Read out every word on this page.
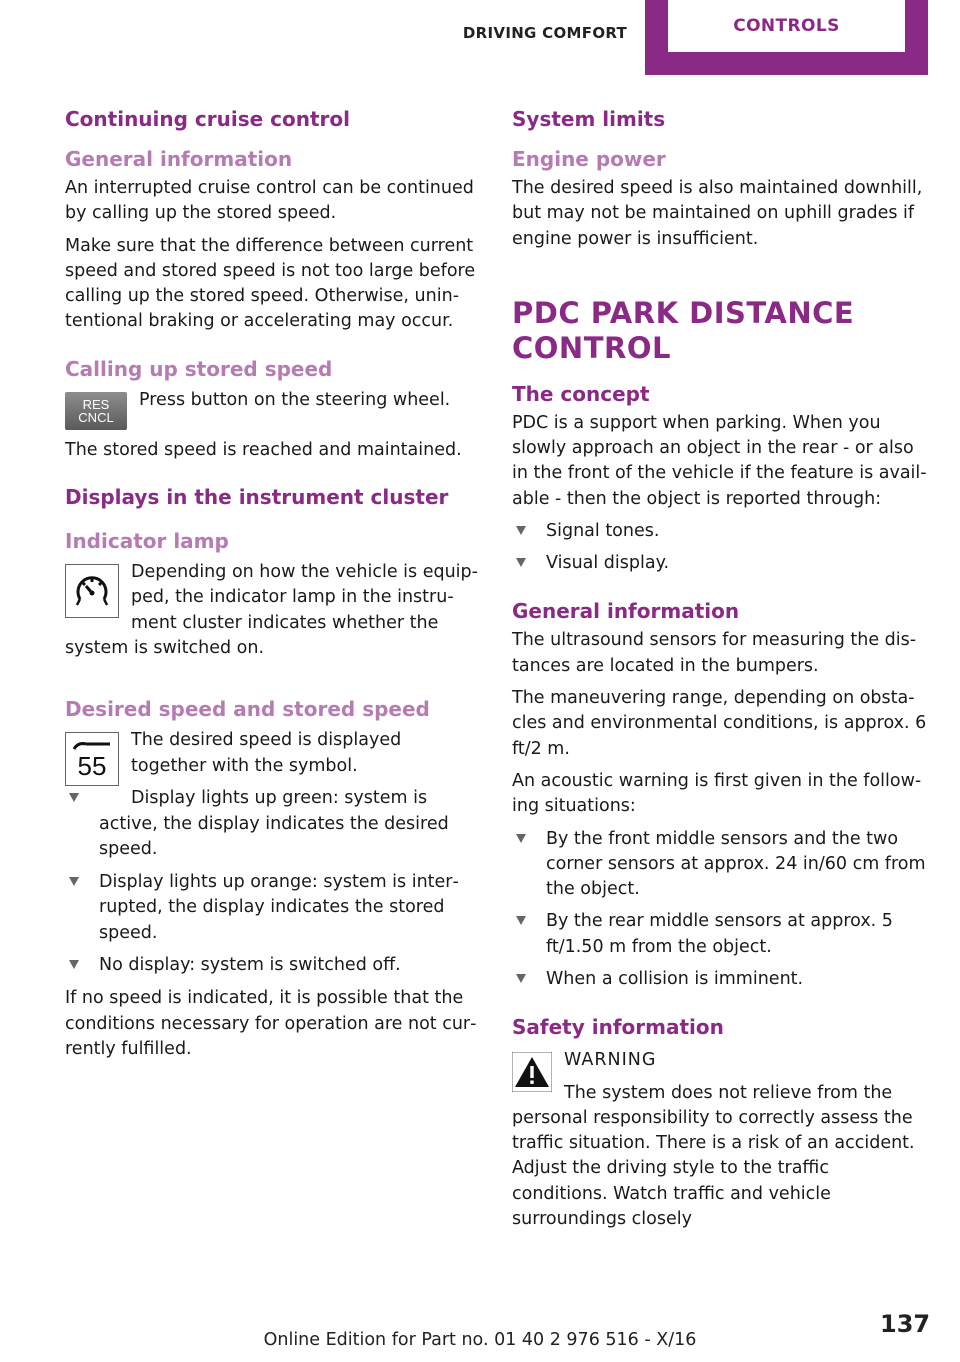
DRIVING COMFORT	CONTROLS
Continuing cruise control
General information

An interrupted cruise control can be continued by calling up the stored speed.

Make sure that the difference between current speed and stored speed is not too large before calling up the stored speed. Otherwise, unintentional braking or accelerating may occur.

Calling up stored speed
RES
CNCL

Press button on the steering wheel.

The stored speed is reached and maintained.

Displays in the instrument cluster
Indicator lamp

Depending on how the vehicle is equipped, the indicator lamp in the instrument cluster indicates whether the system is switched on.

Desired speed and stored speed
55

The desired speed is displayed together with the symbol.

Display lights up green: system is active, the display indicates the desired speed.
Display lights up orange: system is interrupted, the display indicates the stored speed.
No display: system is switched off.

If no speed is indicated, it is possible that the conditions necessary for operation are not currently fulfilled.

System limits
Engine power

The desired speed is also maintained downhill, but may not be maintained on uphill grades if engine power is insufficient.

PDC PARK DISTANCE CONTROL
The concept

PDC is a support when parking. When you slowly approach an object in the rear - or also in the front of the vehicle if the feature is available - then the object is reported through:

Signal tones.
Visual display.
General information

The ultrasound sensors for measuring the distances are located in the bumpers.

The maneuvering range, depending on obstacles and environmental conditions, is approx. 6 ft/2 m.

An acoustic warning is first given in the following situations:

By the front middle sensors and the two corner sensors at approx. 24 in/60 cm from the object.
By the rear middle sensors at approx. 5 ft/1.50 m from the object.
When a collision is imminent.
Safety information
WARNING

The system does not relieve from the personal responsibility to correctly assess the traffic situation. There is a risk of an accident. Adjust the driving style to the traffic conditions. Watch traffic and vehicle surroundings closely

137
Online Edition for Part no. 01 40 2 976 516 - X/16
